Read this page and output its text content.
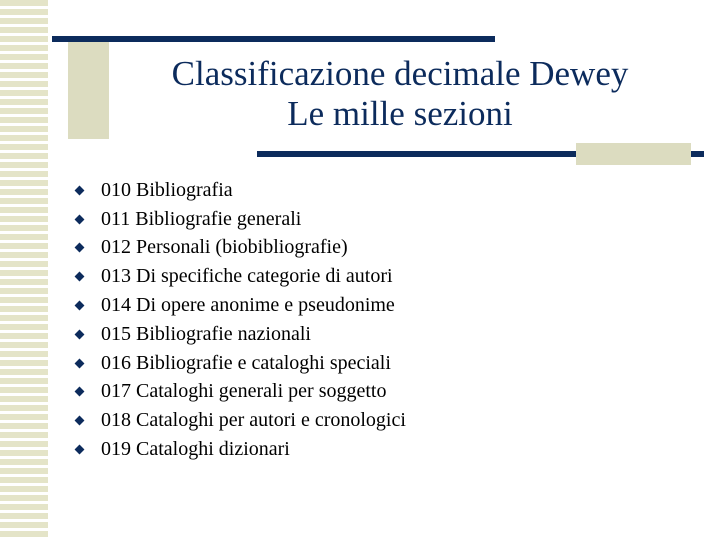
Classificazione decimale Dewey
Le mille sezioni
010 Bibliografia
011 Bibliografie generali
012 Personali (biobibliografie)
013 Di specifiche categorie di autori
014 Di opere anonime e pseudonime
015 Bibliografie nazionali
016 Bibliografie e cataloghi speciali
017 Cataloghi generali per soggetto
018 Cataloghi per autori e cronologici
019 Cataloghi dizionari
